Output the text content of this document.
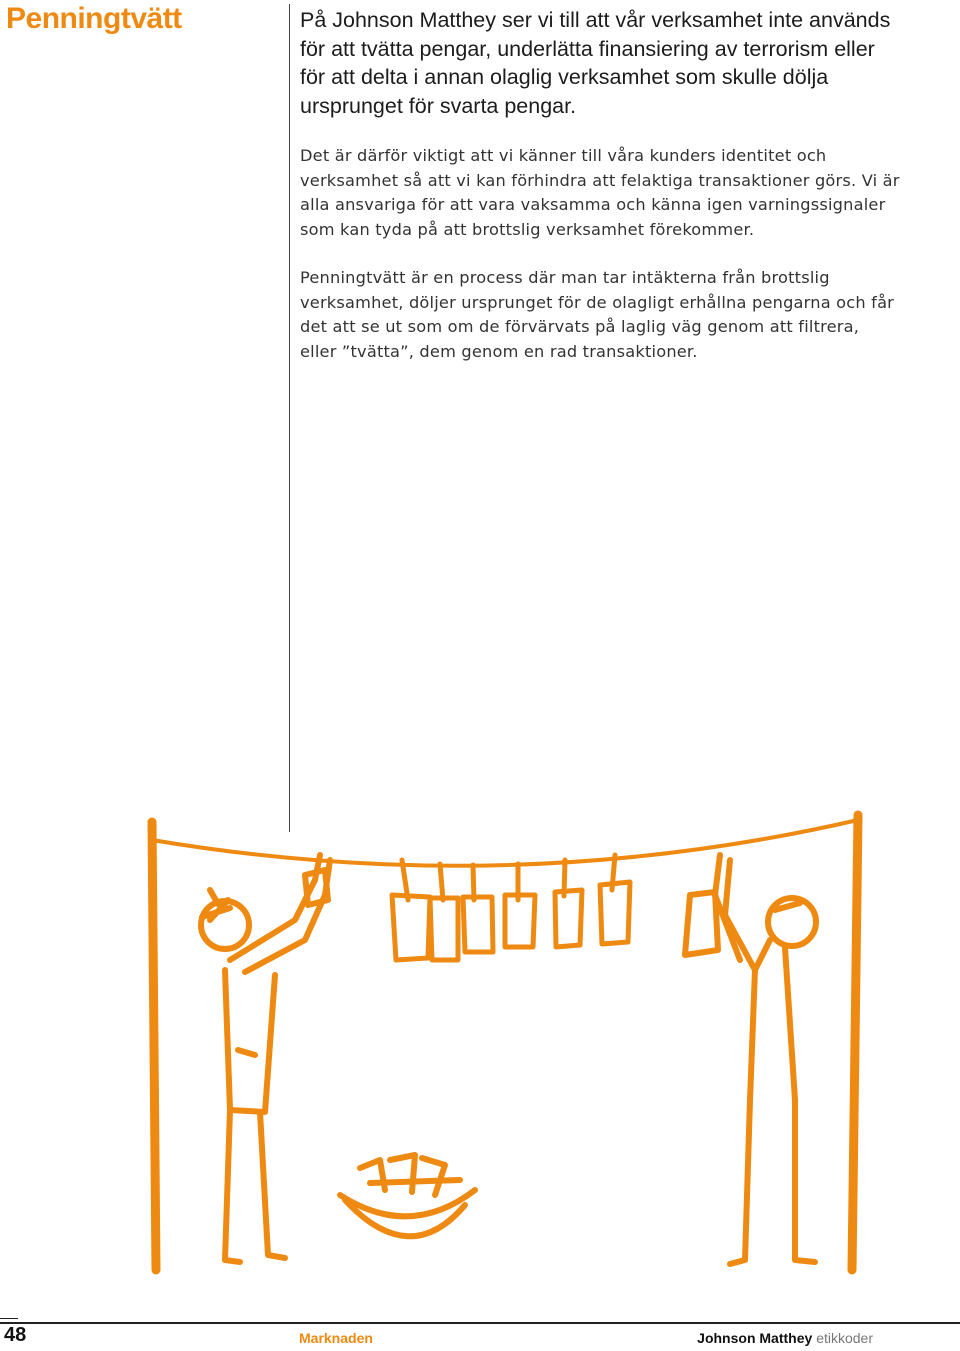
Penningtvätt	På Johnson Matthey ser vi till att vår verksamhet inte används för att tvätta pengar, underlätta finansiering av terrorism eller för att delta i annan olaglig verksamhet som skulle dölja ursprunget för svarta pengar.

Det är därför viktigt att vi känner till våra kunders identitet och verksamhet så att vi kan förhindra att felaktiga transaktioner görs. Vi är alla ansvariga för att vara vaksamma och känna igen varningssignaler som kan tyda på att brottslig verksamhet förekommer.

Penningtvätt är en process där man tar intäkterna från brottslig verksamhet, döljer ursprunget för de olagligt erhållna pengarna och får det att se ut som om de förvärvats på laglig väg genom att filtrera, eller ”tvätta”, dem genom en rad transaktioner.

48	Marknaden	Johnson Matthey etikkoder
